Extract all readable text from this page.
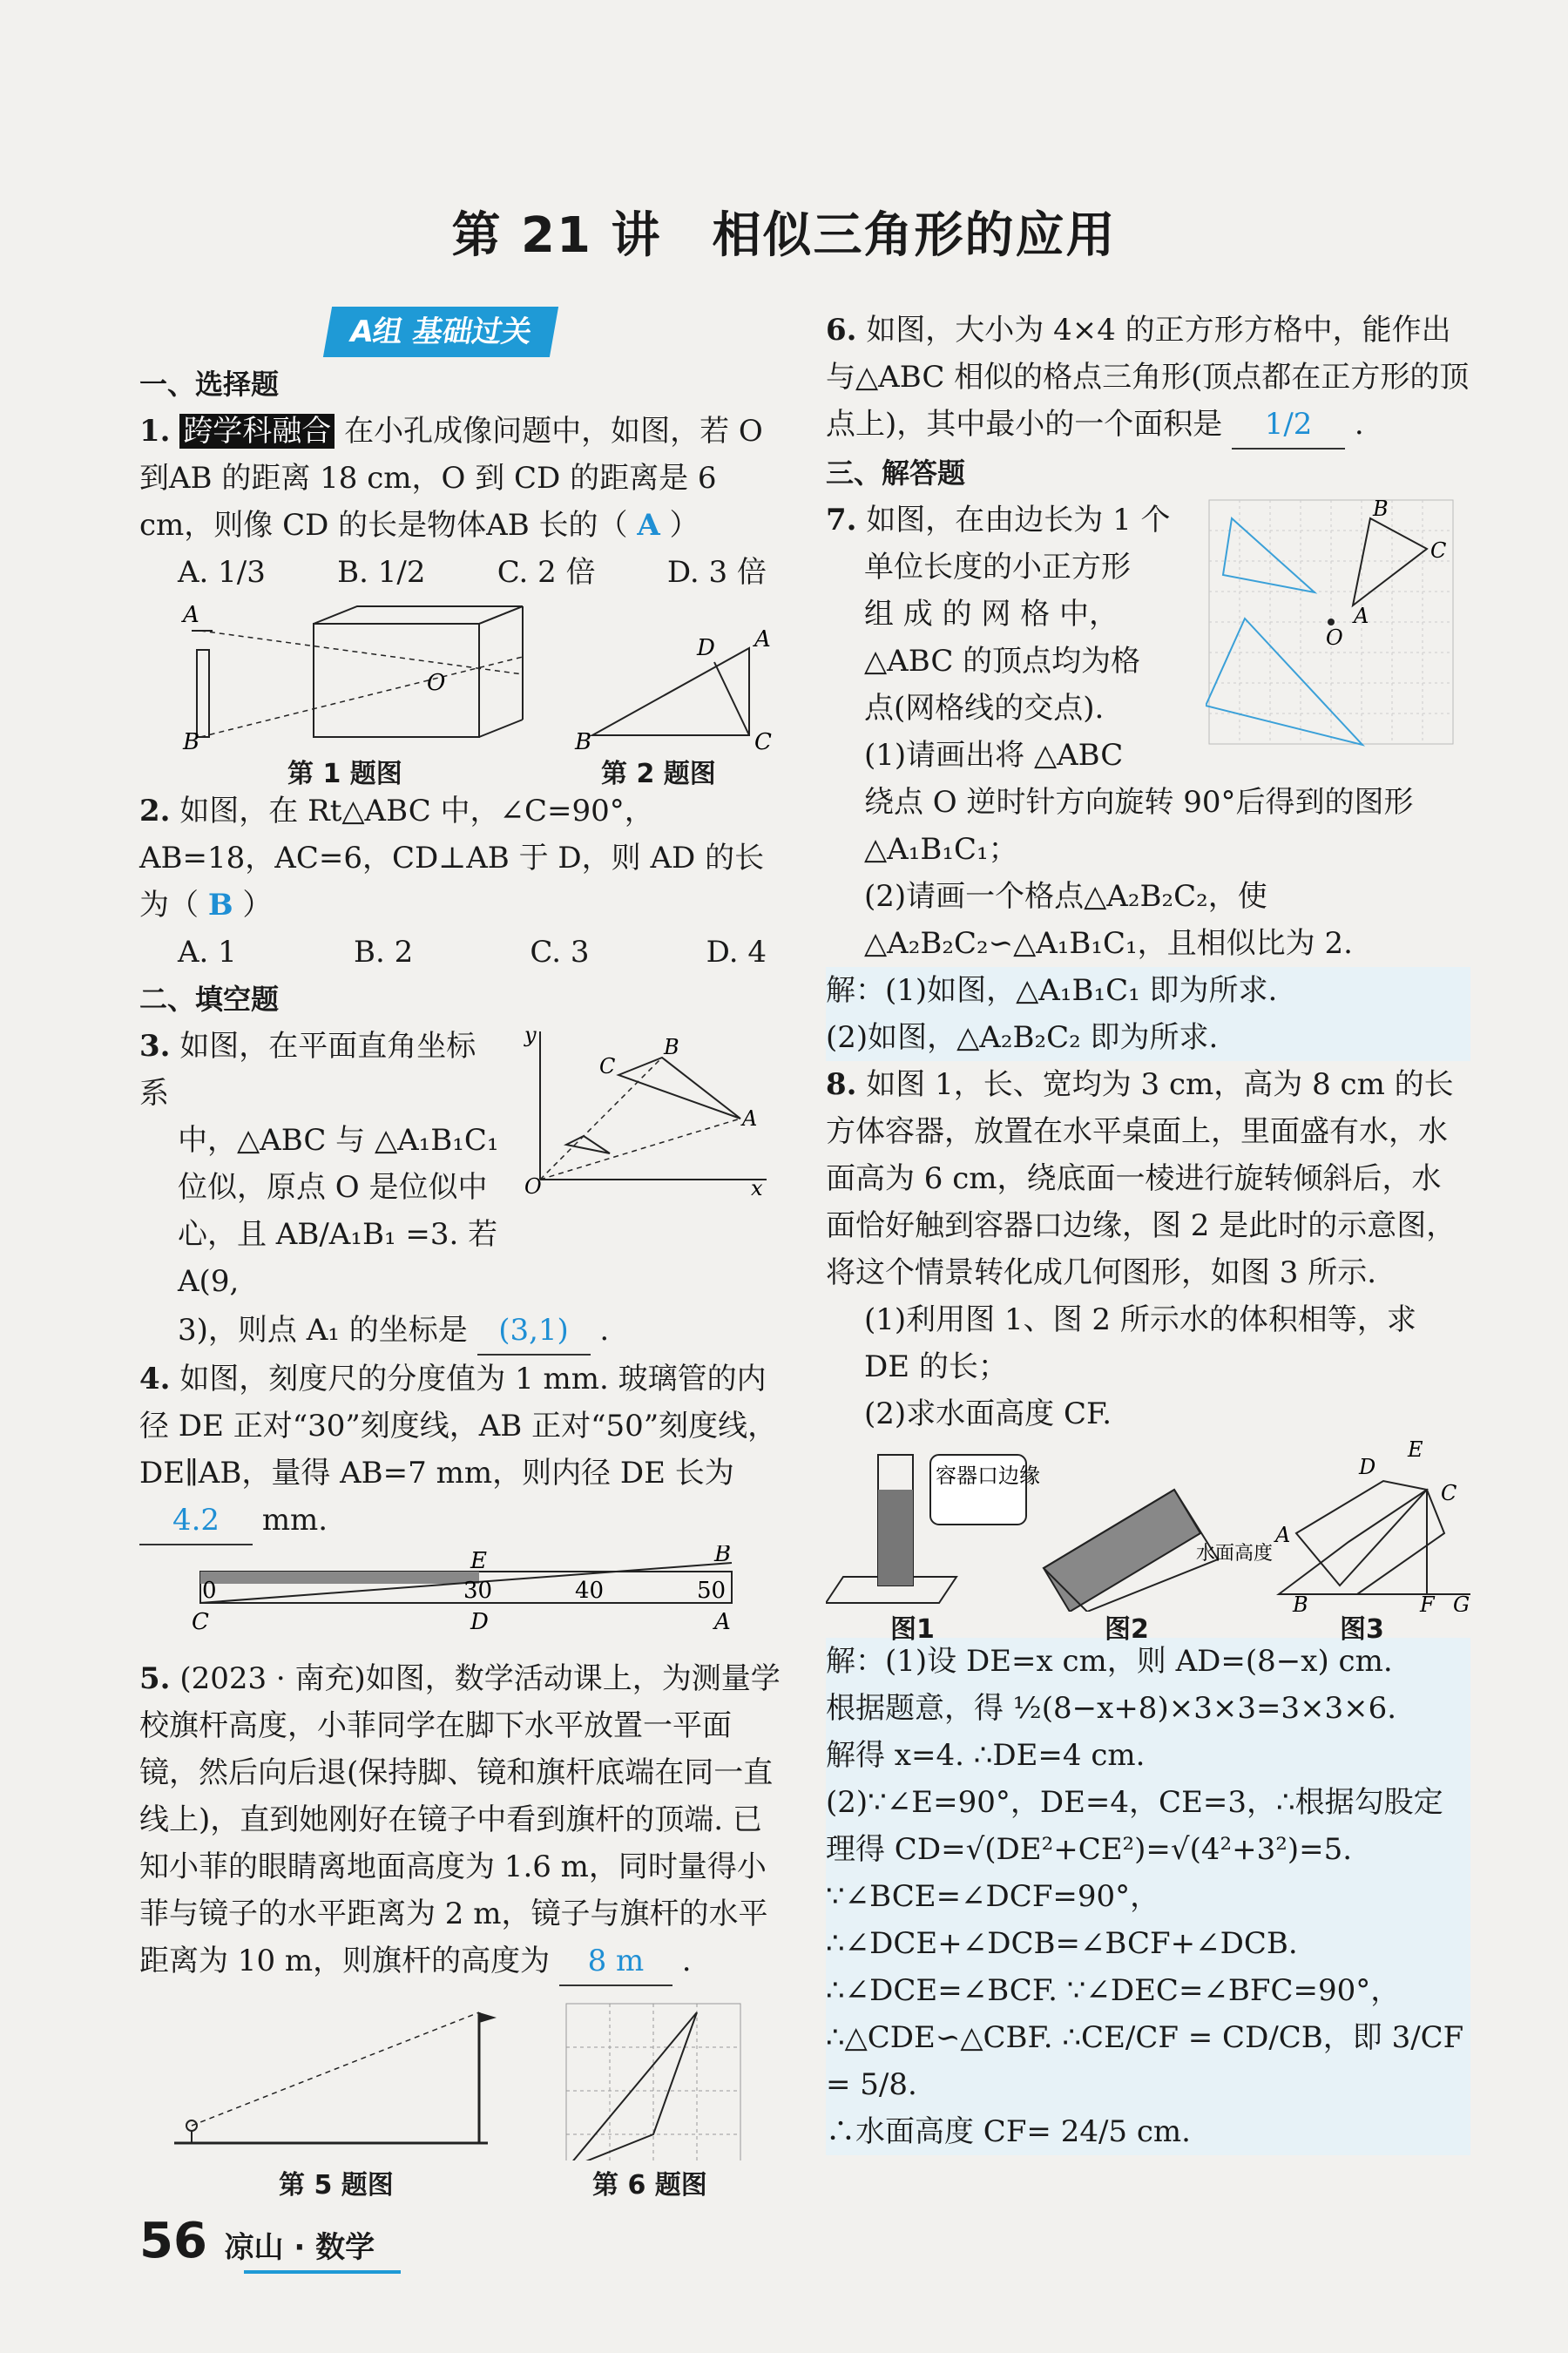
第 21 讲　相似三角形的应用
A组 基础过关
一、选择题

1. 跨学科融合 在小孔成像问题中，如图，若 O 到AB 的距离 18 cm，O 到 CD 的距离是 6 cm，则像 CD 的长是物体AB 长的（ A ）

A. 1/3 B. 1/2 C. 2 倍 D. 3 倍
A
B
O
B	C
A
D
第 1 题图	第 2 题图

2. 如图，在 Rt△ABC 中，∠C=90°，AB=18，AC=6，CD⊥AB 于 D，则 AD 的长为（ B ）

A. 1	B. 2	C. 3	D. 4
二、填空题
3. 如图，在平面直角坐标系
中，△ABC 与 △A₁B₁C₁
位似，原点 O 是位似中
心，且 AB/A₁B₁ =3. 若 A(9,
O	x
y	B
C
A
3)，则点 A₁ 的坐标是 (3,1) .

4. 如图，刻度尺的分度值为 1 mm. 玻璃管的内径 DE 正对“30”刻度线，AB 正对“50”刻度线，DE∥AB，量得 AB=7 mm，则内径 DE 长为 4.2 mm.

0	30	40	50
C	D
E	B
A

5. (2023 · 南充)如图，数学活动课上，为测量学校旗杆高度，小菲同学在脚下水平放置一平面镜，然后向后退(保持脚、镜和旗杆底端在同一直线上)，直到她刚好在镜子中看到旗杆的顶端. 已知小菲的眼睛离地面高度为 1.6 m，同时量得小菲与镜子的水平距离为 2 m，镜子与旗杆的水平距离为 10 m，则旗杆的高度为 8 m .

第 5 题图	第 6 题图

6. 如图，大小为 4×4 的正方形方格中，能作出与△ABC 相似的格点三角形(顶点都在正方形的顶点上)，其中最小的一个面积是 1/2 .

三、解答题
7. 如图，在由边长为 1 个
单位长度的小正方形
组 成 的 网 格 中，
△ABC 的顶点均为格
点(网格线的交点).
(1)请画出将 △ABC
B
C
A
O
绕点 O 逆时针方向旋转 90°后得到的图形△A₁B₁C₁；
(2)请画一个格点△A₂B₂C₂，使△A₂B₂C₂∽△A₁B₁C₁，且相似比为 2.
解：(1)如图，△A₁B₁C₁ 即为所求.
(2)如图，△A₂B₂C₂ 即为所求.

8. 如图 1，长、宽均为 3 cm，高为 8 cm 的长方体容器，放置在水平桌面上，里面盛有水，水面高为 6 cm，绕底面一棱进行旋转倾斜后，水面恰好触到容器口边缘，图 2 是此时的示意图，将这个情景转化成几何图形，如图 3 所示.

(1)利用图 1、图 2 所示水的体积相等，求 DE 的长；
(2)求水面高度 CF.
容器口边缘
水面高度
D
E
C
A
B	F G
图1	图2	图3
解：(1)设 DE=x cm，则 AD=(8−x) cm.
根据题意，得 ½(8−x+8)×3×3=3×3×6.
解得 x=4. ∴DE=4 cm.
(2)∵∠E=90°，DE=4，CE=3，∴根据勾股定
理得 CD=√(DE²+CE²)=√(4²+3²)=5.
∵∠BCE=∠DCF=90°，
∴∠DCE+∠DCB=∠BCF+∠DCB.
∴∠DCE=∠BCF. ∵∠DEC=∠BFC=90°，
∴△CDE∽△CBF. ∴CE/CF = CD/CB，即 3/CF = 5/8.
∴水面高度 CF= 24/5 cm.
56 凉山 · 数学
